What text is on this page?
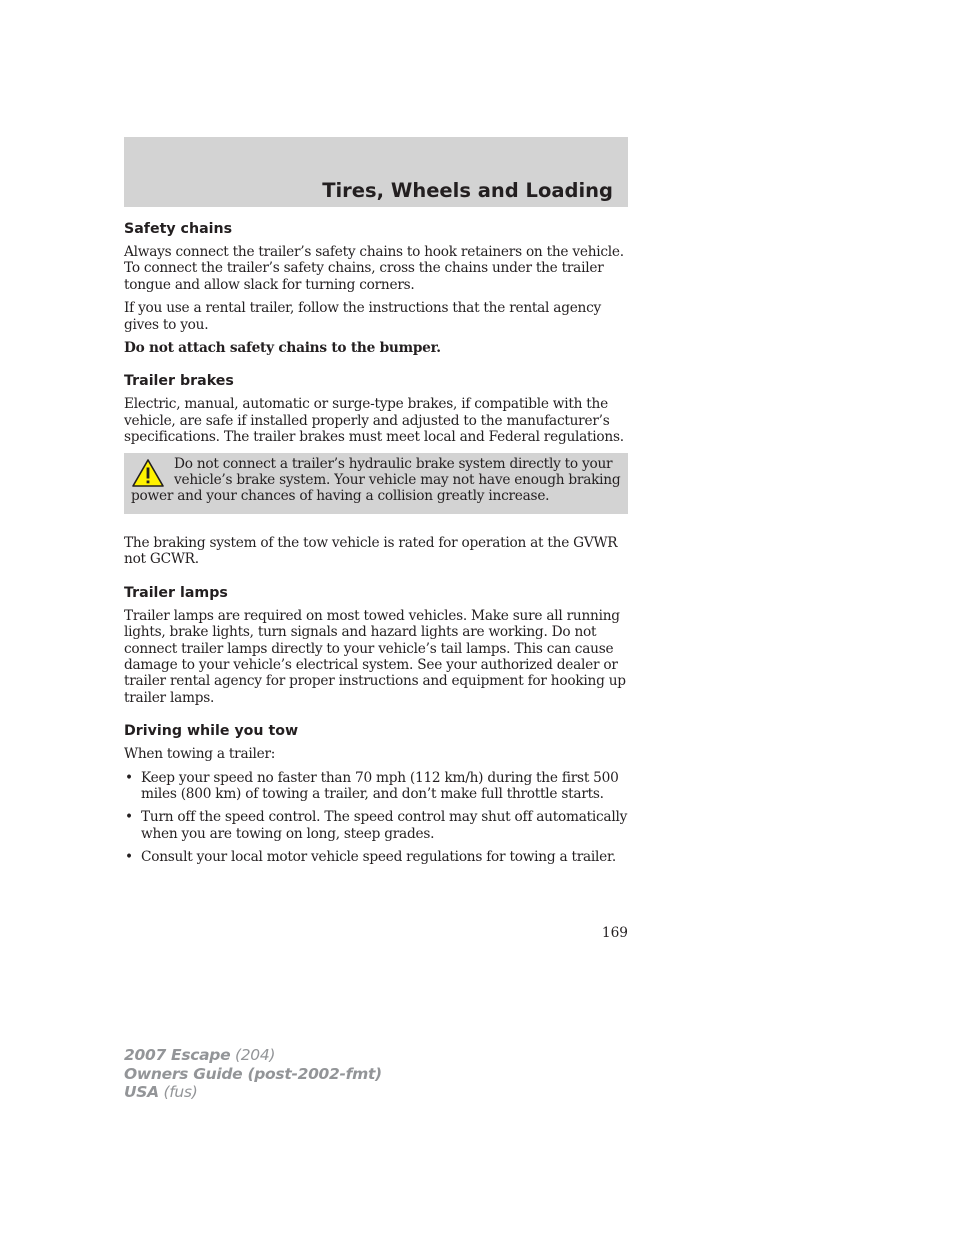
Tires, Wheels and Loading
Safety chains

Always connect the trailer’s safety chains to hook retainers on the vehicle. To connect the trailer’s safety chains, cross the chains under the trailer tongue and allow slack for turning corners.

If you use a rental trailer, follow the instructions that the rental agency gives to you.

Do not attach safety chains to the bumper.

Trailer brakes

Electric, manual, automatic or surge-type brakes, if compatible with the vehicle, are safe if installed properly and adjusted to the manufacturer’s specifications. The trailer brakes must meet local and Federal regulations.

Do not connect a trailer’s hydraulic brake system directly to your vehicle’s brake system. Your vehicle may not have enough braking power and your chances of having a collision greatly increase.

The braking system of the tow vehicle is rated for operation at the GVWR not GCWR.

Trailer lamps

Trailer lamps are required on most towed vehicles. Make sure all running lights, brake lights, turn signals and hazard lights are working. Do not connect trailer lamps directly to your vehicle’s tail lamps. This can cause damage to your vehicle’s electrical system. See your authorized dealer or trailer rental agency for proper instructions and equipment for hooking up trailer lamps.

Driving while you tow

When towing a trailer:

• Keep your speed no faster than 70 mph (112 km/h) during the first 500 miles (800 km) of towing a trailer, and don’t make full throttle starts.
• Turn off the speed control. The speed control may shut off automatically when you are towing on long, steep grades.
• Consult your local motor vehicle speed regulations for towing a trailer.
169
2007 Escape (204)
Owners Guide (post-2002-fmt)
USA (fus)
